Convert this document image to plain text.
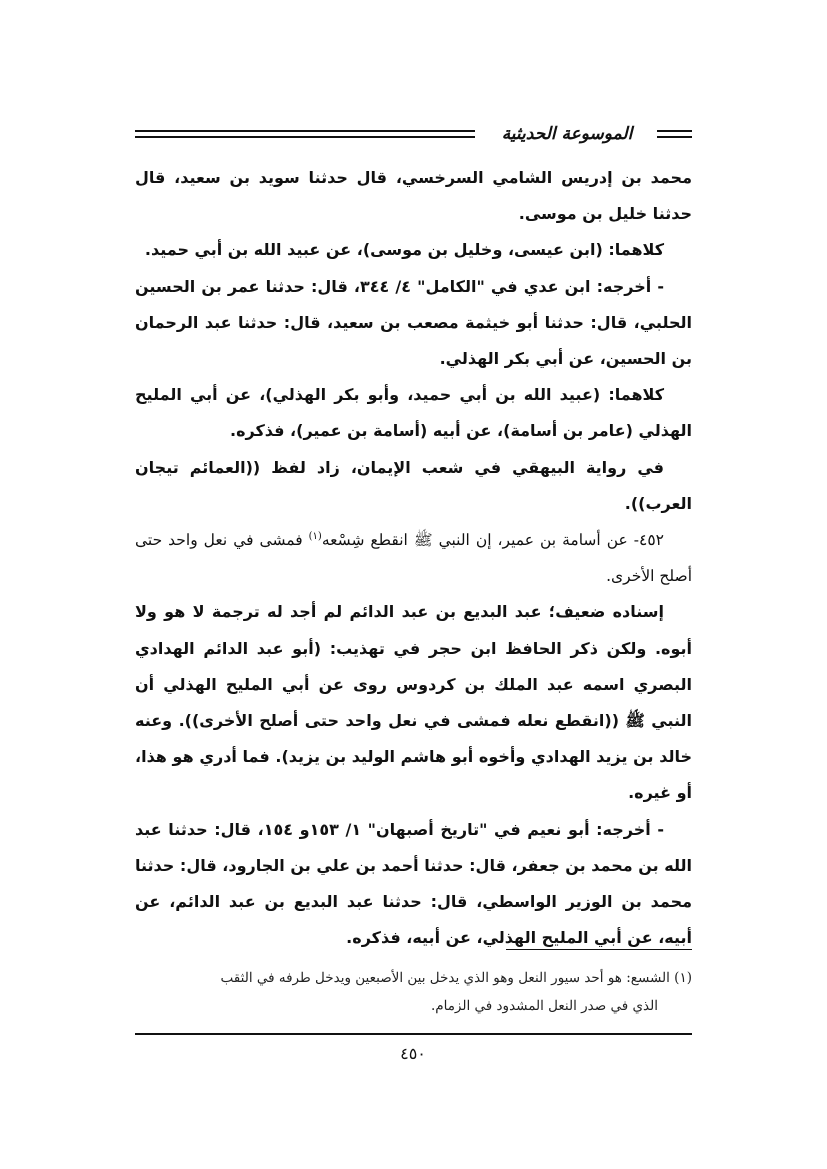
الموسوعة الحديثية

محمد بن إدريس الشامي السرخسي، قال حدثنا سويد بن سعيد، قال حدثنا خليل بن موسى.

كلاهما: (ابن عيسى، وخليل بن موسى)، عن عبيد الله بن أبي حميد.

- أخرجه: ابن عدي في "الكامل" ٤/ ٣٤٤، قال: حدثنا عمر بن الحسين الحلبي، قال: حدثنا أبو خيثمة مصعب بن سعيد، قال: حدثنا عبد الرحمان بن الحسين، عن أبي بكر الهذلي.

كلاهما: (عبيد الله بن أبي حميد، وأبو بكر الهذلي)، عن أبي المليح الهذلي (عامر بن أسامة)، عن أبيه (أسامة بن عمير)، فذكره.

في رواية البيهقي في شعب الإيمان، زاد لفظ ((العمائم تيجان العرب)).

٤٥٢- عن أسامة بن عمير، إن النبي ﷺ انقطع شِسْعه$^{(١)}$ فمشى في نعل واحد حتى أصلح الأخرى.

إسناده ضعيف؛ عبد البديع بن عبد الدائم لم أجد له ترجمة لا هو ولا أبوه. ولكن ذكر الحافظ ابن حجر في تهذيب: (أبو عبد الدائم الهدادي البصري اسمه عبد الملك بن كردوس روى عن أبي المليح الهذلي أن النبي ﷺ ((انقطع نعله فمشى في نعل واحد حتى أصلح الأخرى)). وعنه خالد بن يزيد الهدادي وأخوه أبو هاشم الوليد بن يزيد). فما أدري هو هذا، أو غيره.

- أخرجه: أبو نعيم في "تاريخ أصبهان" ١/ ١٥٣و ١٥٤، قال: حدثنا عبد الله بن محمد بن جعفر، قال: حدثنا أحمد بن علي بن الجارود، قال: حدثنا محمد بن الوزير الواسطي، قال: حدثنا عبد البديع بن عبد الدائم، عن أبيه، عن أبي المليح الهذلي، عن أبيه، فذكره.

(١) الشسع: هو أحد سيور النعل وهو الذي يدخل بين الأصبعين ويدخل طرفه في الثقب
الذي في صدر النعل المشدود في الزمام.
٤٥٠
